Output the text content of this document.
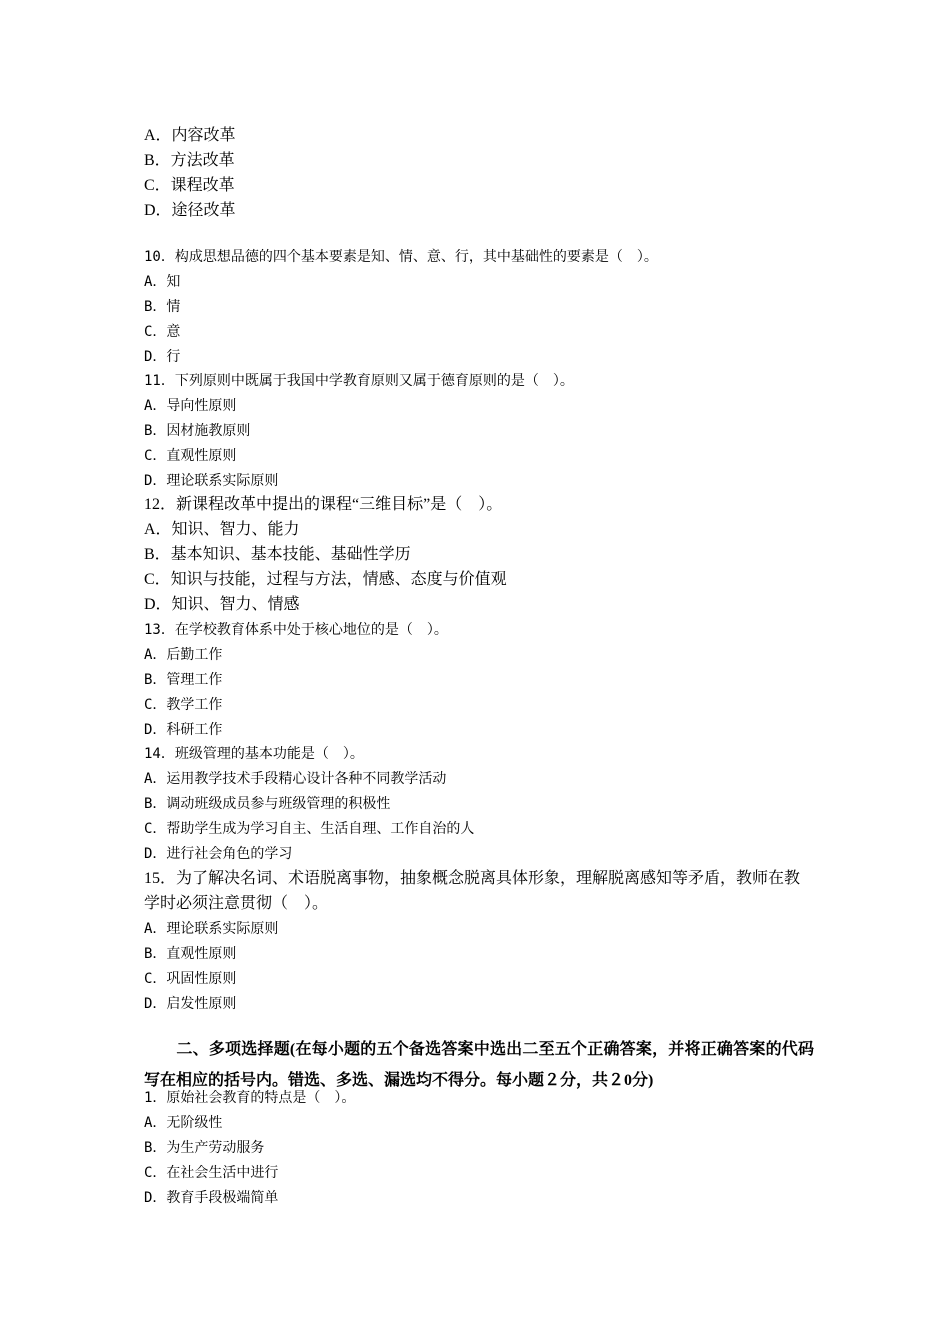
A．内容改革
B．方法改革
C．课程改革
D．途径改革
10．构成思想品德的四个基本要素是知、情、意、行，其中基础性的要素是（　）。
A．知
B．情
C．意
D．行
11．下列原则中既属于我国中学教育原则又属于德育原则的是（　）。
A．导向性原则
B．因材施教原则
C．直观性原则
D．理论联系实际原则
12．新课程改革中提出的课程“三维目标”是（　）。
A．知识、智力、能力
B．基本知识、基本技能、基础性学历
C．知识与技能，过程与方法，情感、态度与价值观
D．知识、智力、情感
13．在学校教育体系中处于核心地位的是（　）。
A．后勤工作
B．管理工作
C．教学工作
D．科研工作
14．班级管理的基本功能是（　）。
A．运用教学技术手段精心设计各种不同教学活动
B．调动班级成员参与班级管理的积极性
C．帮助学生成为学习自主、生活自理、工作自治的人
D．进行社会角色的学习
15．为了解决名词、术语脱离事物，抽象概念脱离具体形象，理解脱离感知等矛盾，教师在教
学时必须注意贯彻（　）。
A．理论联系实际原则
B．直观性原则
C．巩固性原则
D．启发性原则
　　二、多项选择题(在每小题的五个备选答案中选出二至五个正确答案，并将正确答案的代码写在相应的括号内。错选、多选、漏选均不得分。每小题２分，共２0分)
1．原始社会教育的特点是（　）。
A．无阶级性
B．为生产劳动服务
C．在社会生活中进行
D．教育手段极端简单
